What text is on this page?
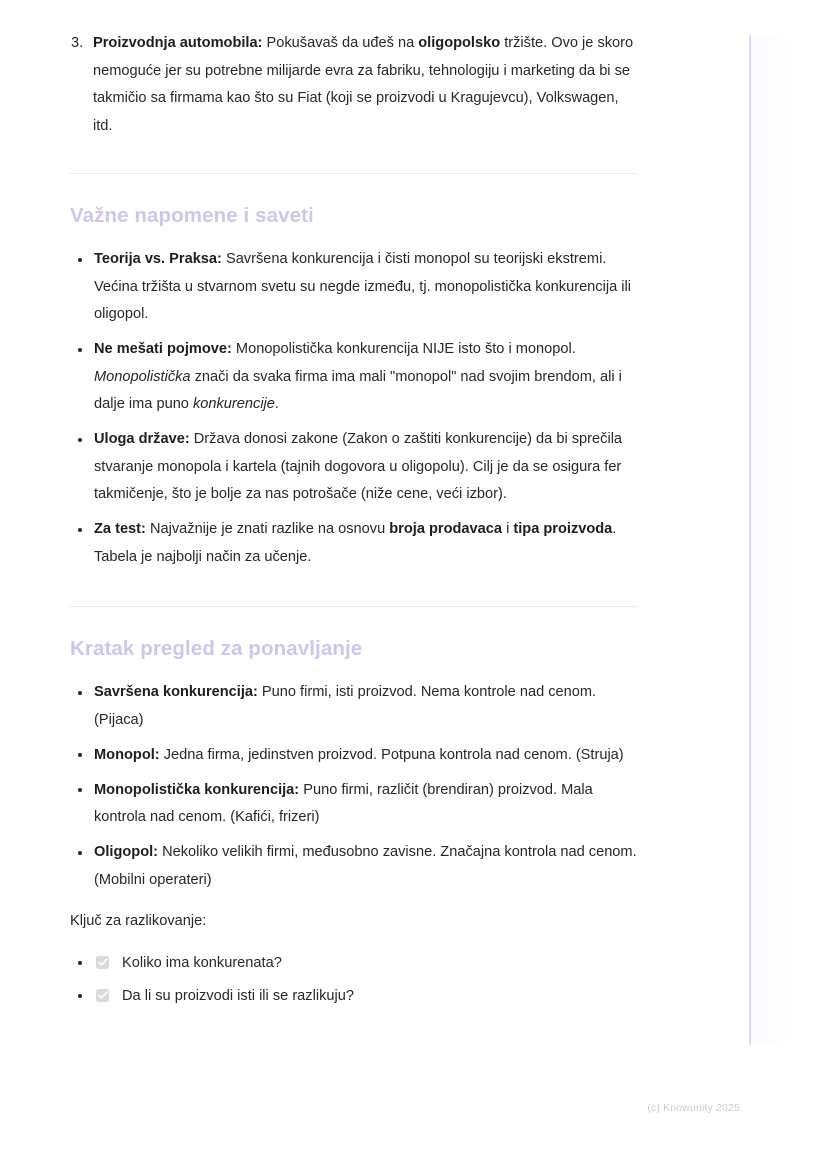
3. Proizvodnja automobila: Pokušavaš da uđeš na oligopolsko tržište. Ovo je skoro nemoguće jer su potrebne milijarde evra za fabriku, tehnologiju i marketing da bi se takmičio sa firmama kao što su Fiat (koji se proizvodi u Kragujevcu), Volkswagen, itd.
Važne napomene i saveti
Teorija vs. Praksa: Savršena konkurencija i čisti monopol su teorijski ekstremi. Većina tržišta u stvarnom svetu su negde između, tj. monopolistička konkurencija ili oligopol.
Ne mešati pojmove: Monopolistička konkurencija NIJE isto što i monopol. Monopolistička znači da svaka firma ima mali "monopol" nad svojim brendom, ali i dalje ima puno konkurencije.
Uloga države: Država donosi zakone (Zakon o zaštiti konkurencije) da bi sprečila stvaranje monopola i kartela (tajnih dogovora u oligopolu). Cilj je da se osigura fer takmičenje, što je bolje za nas potrošače (niže cene, veći izbor).
Za test: Najvažnije je znati razlike na osnovu broja prodavaca i tipa proizvoda. Tabela je najbolji način za učenje.
Kratak pregled za ponavljanje
Savršena konkurencija: Puno firmi, isti proizvod. Nema kontrole nad cenom. (Pijaca)
Monopol: Jedna firma, jedinstven proizvod. Potpuna kontrola nad cenom. (Struja)
Monopolistička konkurencija: Puno firmi, različit (brendiran) proizvod. Mala kontrola nad cenom. (Kafići, frizeri)
Oligopol: Nekoliko velikih firmi, međusobno zavisne. Značajna kontrola nad cenom. (Mobilni operateri)

Ključ za razlikovanje:

Koliko ima konkurenata?
Da li su proizvodi isti ili se razlikuju?
(c) Knowunity 2025
